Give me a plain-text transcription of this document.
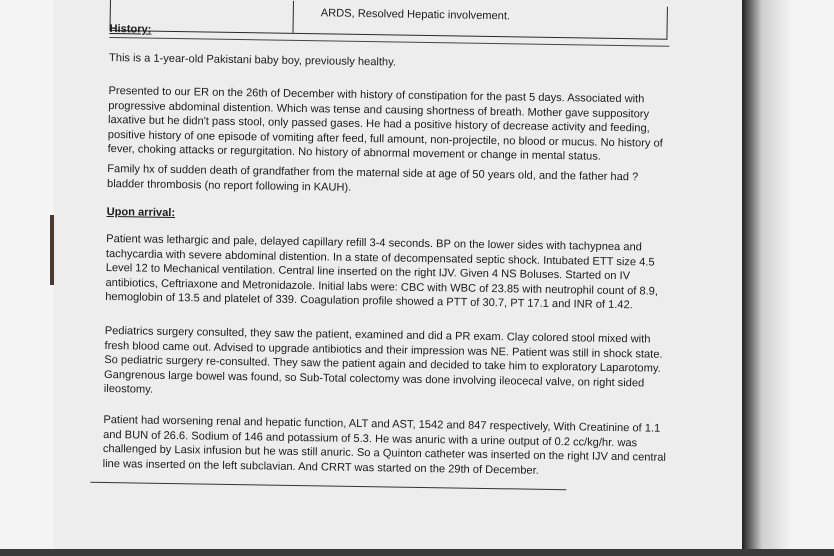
ARDS, Resolved Hepatic involvement.
History:

This is a 1-year-old Pakistani baby boy, previously healthy.

Presented to our ER on the 26th of December with history of constipation for the past 5 days. Associated with progressive abdominal distention. Which was tense and causing shortness of breath. Mother gave suppository laxative but he didn't pass stool, only passed gases. He had a positive history of decrease activity and feeding, positive history of one episode of vomiting after feed, full amount, non-projectile, no blood or mucus. No history of fever, choking attacks or regurgitation. No history of abnormal movement or change in mental status.

Family hx of sudden death of grandfather from the maternal side at age of 50 years old, and the father had ?bladder thrombosis (no report following in KAUH).

Upon arrival:

Patient was lethargic and pale, delayed capillary refill 3-4 seconds. BP on the lower sides with tachypnea and tachycardia with severe abdominal distention. In a state of decompensated septic shock. Intubated ETT size 4.5 Level 12 to Mechanical ventilation. Central line inserted on the right IJV. Given 4 NS Boluses. Started on IV antibiotics, Ceftriaxone and Metronidazole. Initial labs were: CBC with WBC of 23.85 with neutrophil count of 8.9, hemoglobin of 13.5 and platelet of 339. Coagulation profile showed a PTT of 30.7, PT 17.1 and INR of 1.42.

Pediatrics surgery consulted, they saw the patient, examined and did a PR exam. Clay colored stool mixed with fresh blood came out. Advised to upgrade antibiotics and their impression was NE. Patient was still in shock state. So pediatric surgery re-consulted. They saw the patient again and decided to take him to exploratory Laparotomy. Gangrenous large bowel was found, so Sub-Total colectomy was done involving ileocecal valve, on right sided ileostomy.

Patient had worsening renal and hepatic function, ALT and AST, 1542 and 847 respectively, With Creatinine of 1.1 and BUN of 26.6. Sodium of 146 and potassium of 5.3. He was anuric with a urine output of 0.2 cc/kg/hr. was challenged by Lasix infusion but he was still anuric. So a Quinton catheter was inserted on the right IJV and central line was inserted on the left subclavian. And CRRT was started on the 29th of December.
